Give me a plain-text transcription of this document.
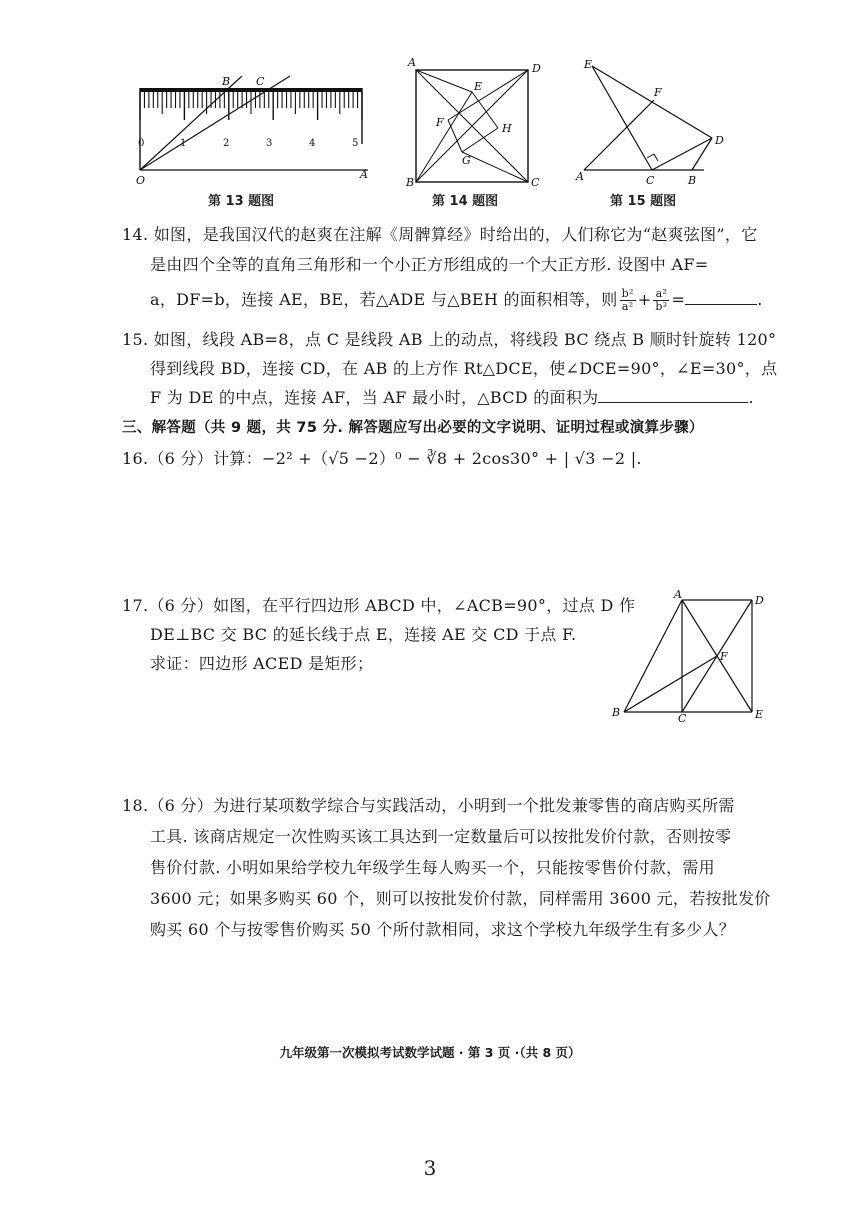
0	1	2	3	4	5
O	A
B C
第 13 题图
A	D
B	C
E
F
G
H
第 14 题图
E
F
D
A	C	B
第 15 题图
14. 如图，是我国汉代的赵爽在注解《周髀算经》时给出的，人们称它为“赵爽弦图”，它
是由四个全等的直角三角形和一个小正方形组成的一个大正方形. 设图中 AF=
a，DF=b，连接 AE，BE，若△ADE 与△BEH 的面积相等，则 $\frac{\text{b²}}{\text{a²}} + \frac{\text{a²}}{\text{b²}}$ =	.
15. 如图，线段 AB=8，点 C 是线段 AB 上的动点，将线段 BC 绕点 B 顺时针旋转 120°
得到线段 BD，连接 CD，在 AB 的上方作 Rt△DCE，使∠DCE=90°，∠E=30°，点
F 为 DE 的中点，连接 AF，当 AF 最小时，△BCD 的面积为	.
三、解答题（共 9 题，共 75 分. 解答题应写出必要的文字说明、证明过程或演算步骤）
16.（6 分）计算：−2² +（√5 −2）⁰ − ∛8 + 2cos30° + | √3 −2 |.
17.（6 分）如图，在平行四边形 ABCD 中，∠ACB=90°，过点 D 作
DE⊥BC 交 BC 的延长线于点 E，连接 AE 交 CD 于点 F.
求证：四边形 ACED 是矩形；
A	D
F
B	C	E
18.（6 分）为进行某项数学综合与实践活动，小明到一个批发兼零售的商店购买所需
工具. 该商店规定一次性购买该工具达到一定数量后可以按批发价付款，否则按零
售价付款. 小明如果给学校九年级学生每人购买一个，只能按零售价付款，需用
3600 元；如果多购买 60 个，则可以按批发价付款，同样需用 3600 元，若按批发价
购买 60 个与按零售价购买 50 个所付款相同，求这个学校九年级学生有多少人？
九年级第一次模拟考试数学试题 · 第 3 页 ·（共 8 页）
3
